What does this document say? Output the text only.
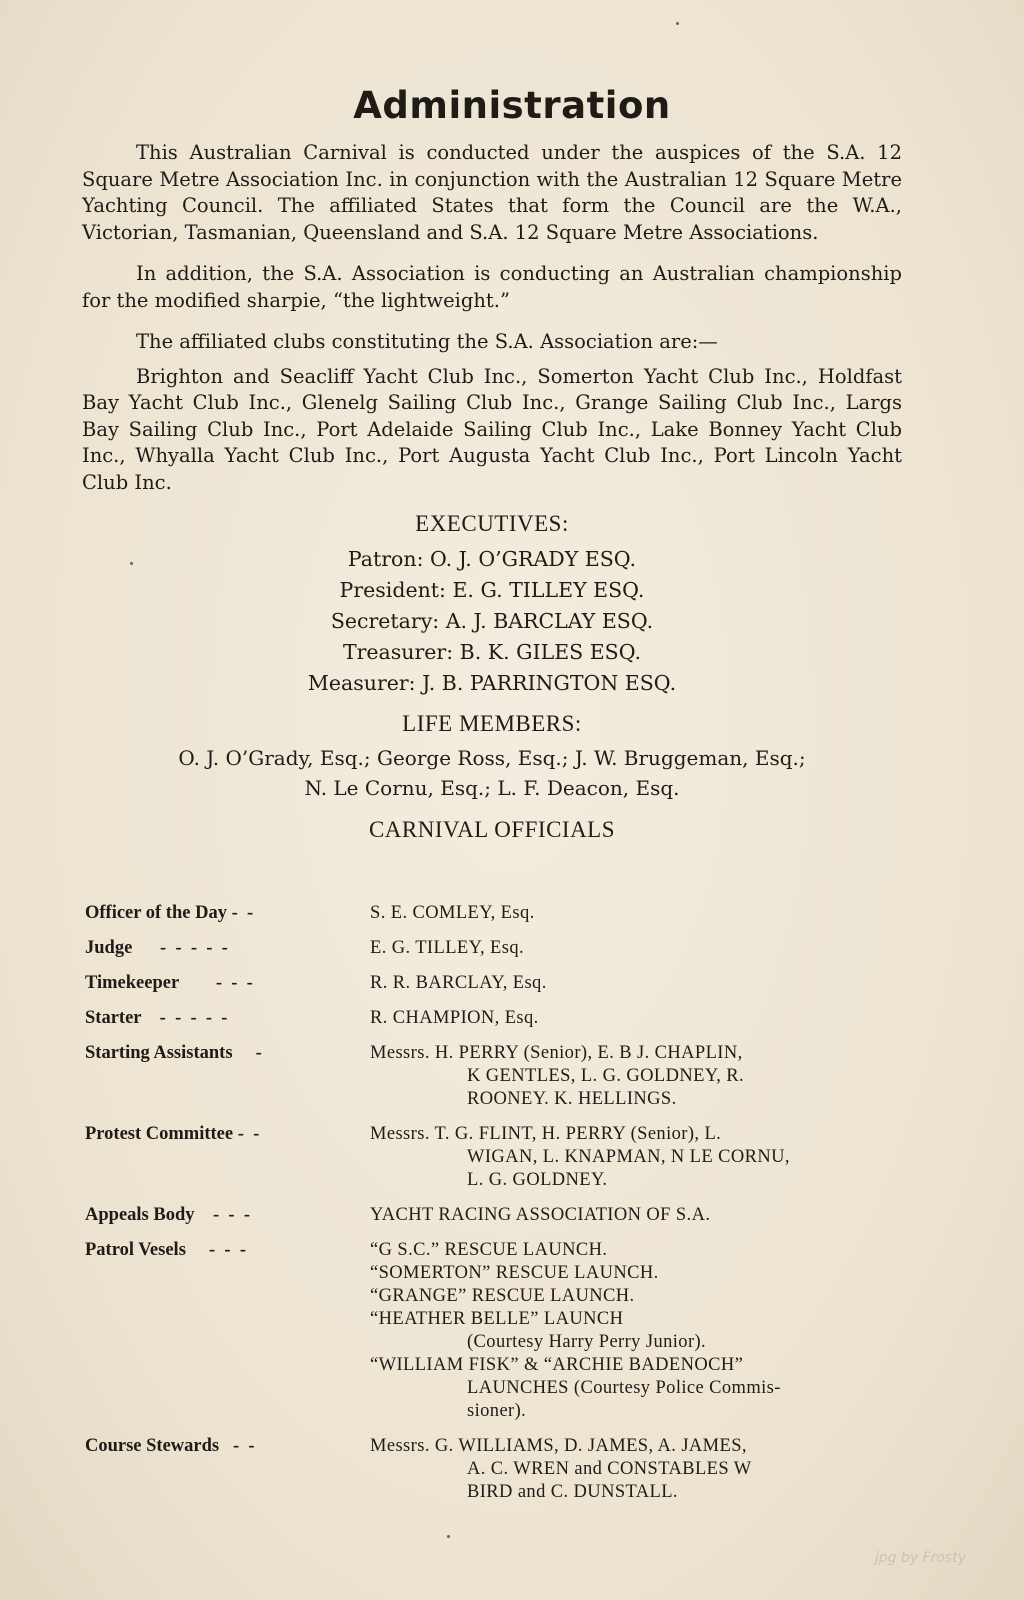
Administration

This Australian Carnival is conducted under the auspices of the S.A. 12 Square Metre Association Inc. in conjunction with the Australian 12 Square Metre Yachting Council. The affiliated States that form the Council are the W.A., Victorian, Tasmanian, Queensland and S.A. 12 Square Metre Associations.

In addition, the S.A. Association is conducting an Australian championship for the modified sharpie, “the lightweight.”

The affiliated clubs constituting the S.A. Association are:—

Brighton and Seacliff Yacht Club Inc., Somerton Yacht Club Inc., Holdfast Bay Yacht Club Inc., Glenelg Sailing Club Inc., Grange Sailing Club Inc., Largs Bay Sailing Club Inc., Port Adelaide Sailing Club Inc., Lake Bonney Yacht Club Inc., Whyalla Yacht Club Inc., Port Augusta Yacht Club Inc., Port Lincoln Yacht Club Inc.

EXECUTIVES:
Patron: O. J. O’GRADY ESQ.
President: E. G. TILLEY ESQ.
Secretary: A. J. BARCLAY ESQ.
Treasurer: B. K. GILES ESQ.
Measurer: J. B. PARRINGTON ESQ.
LIFE MEMBERS:
O. J. O’Grady, Esq.; George Ross, Esq.; J. W. Bruggeman, Esq.;
N. Le Cornu, Esq.; L. F. Deacon, Esq.
CARNIVAL OFFICIALS
Officer of the Day -  -	S. E. COMLEY, Esq.
Judge      -  -  -  -  -	E. G. TILLEY, Esq.
Timekeeper        -  -  -	R. R. BARCLAY, Esq.
Starter    -  -  -  -  -	R. CHAMPION, Esq.
Starting Assistants     -	Messrs. H. PERRY (Senior), E. B J. CHAPLIN,
K GENTLES, L. G. GOLDNEY, R.
ROONEY. K. HELLINGS.
Protest Committee -  -	Messrs. T. G. FLINT, H. PERRY (Senior), L.
WIGAN, L. KNAPMAN, N LE CORNU,
L. G. GOLDNEY.
Appeals Body    -  -  -	YACHT RACING ASSOCIATION OF S.A.
Patrol Vesels     -  -  -	“G S.C.” RESCUE LAUNCH.
“SOMERTON” RESCUE LAUNCH.
“GRANGE” RESCUE LAUNCH.
“HEATHER BELLE” LAUNCH
(Courtesy Harry Perry Junior).
“WILLIAM FISK” & “ARCHIE BADENOCH”
LAUNCHES (Courtesy Police Commis-
sioner).
Course Stewards   -  -	Messrs. G. WILLIAMS, D. JAMES, A. JAMES,
A. C. WREN and CONSTABLES W
BIRD and C. DUNSTALL.
jpg by Frosty
